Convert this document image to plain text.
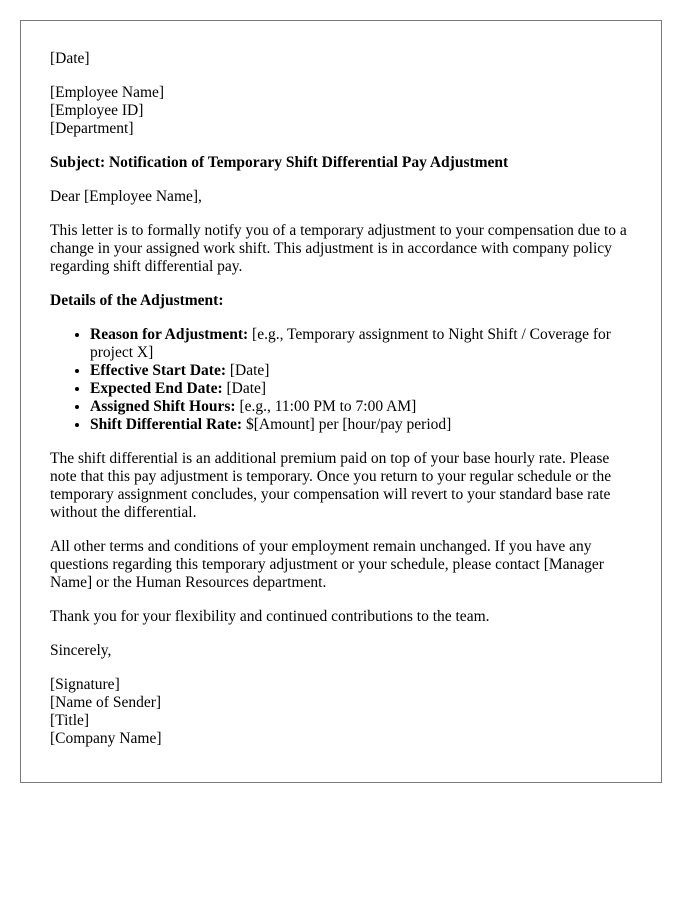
[Date]

[Employee Name]
[Employee ID]
[Department]

Subject: Notification of Temporary Shift Differential Pay Adjustment

Dear [Employee Name],

This letter is to formally notify you of a temporary adjustment to your compensation due to a change in your assigned work shift. This adjustment is in accordance with company policy regarding shift differential pay.

Details of the Adjustment:

• Reason for Adjustment: [e.g., Temporary assignment to Night Shift / Coverage for project X]
• Effective Start Date: [Date]
• Expected End Date: [Date]
• Assigned Shift Hours: [e.g., 11:00 PM to 7:00 AM]
• Shift Differential Rate: $[Amount] per [hour/pay period]

The shift differential is an additional premium paid on top of your base hourly rate. Please note that this pay adjustment is temporary. Once you return to your regular schedule or the temporary assignment concludes, your compensation will revert to your standard base rate without the differential.

All other terms and conditions of your employment remain unchanged. If you have any questions regarding this temporary adjustment or your schedule, please contact [Manager Name] or the Human Resources department.

Thank you for your flexibility and continued contributions to the team.

Sincerely,

[Signature]
[Name of Sender]
[Title]
[Company Name]
